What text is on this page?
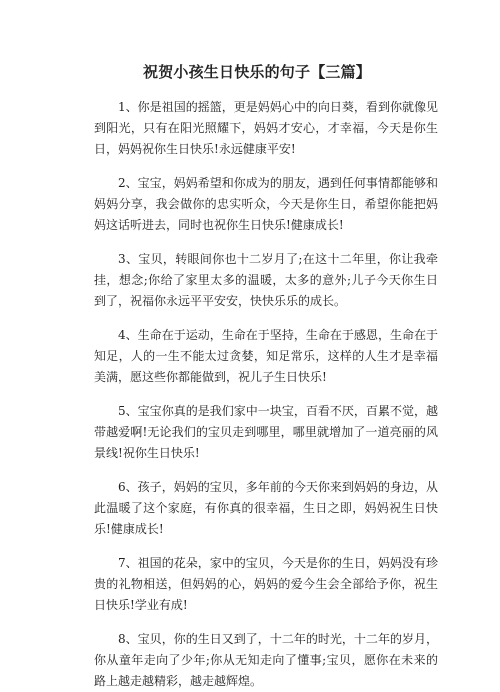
祝贺小孩生日快乐的句子【三篇】
1、你是祖国的摇篮，更是妈妈心中的向日葵，看到你就像见到阳光，只有在阳光照耀下，妈妈才安心，才幸福，今天是你生日，妈妈祝你生日快乐!永远健康平安!
2、宝宝，妈妈希望和你成为的朋友，遇到任何事情都能够和妈妈分享，我会做你的忠实听众，今天是你生日，希望你能把妈妈这话听进去，同时也祝你生日快乐!健康成长!
3、宝贝，转眼间你也十二岁月了;在这十二年里，你让我牵挂，想念;你给了家里太多的温暖，太多的意外;儿子今天你生日到了，祝福你永远平平安安，快快乐乐的成长。
4、生命在于运动，生命在于坚持，生命在于感恩，生命在于知足，人的一生不能太过贪婪，知足常乐，这样的人生才是幸福美满，愿这些你都能做到，祝儿子生日快乐!
5、宝宝你真的是我们家中一块宝，百看不厌，百累不觉，越带越爱啊!无论我们的宝贝走到哪里，哪里就增加了一道亮丽的风景线!祝你生日快乐!
6、孩子，妈妈的宝贝，多年前的今天你来到妈妈的身边，从此温暖了这个家庭，有你真的很幸福，生日之即，妈妈祝生日快乐!健康成长!
7、祖国的花朵，家中的宝贝，今天是你的生日，妈妈没有珍贵的礼物相送，但妈妈的心，妈妈的爱今生会全部给予你，祝生日快乐!学业有成!
8、宝贝，你的生日又到了，十二年的时光，十二年的岁月，你从童年走向了少年;你从无知走向了懂事;宝贝，愿你在未来的路上越走越精彩，越走越辉煌。
